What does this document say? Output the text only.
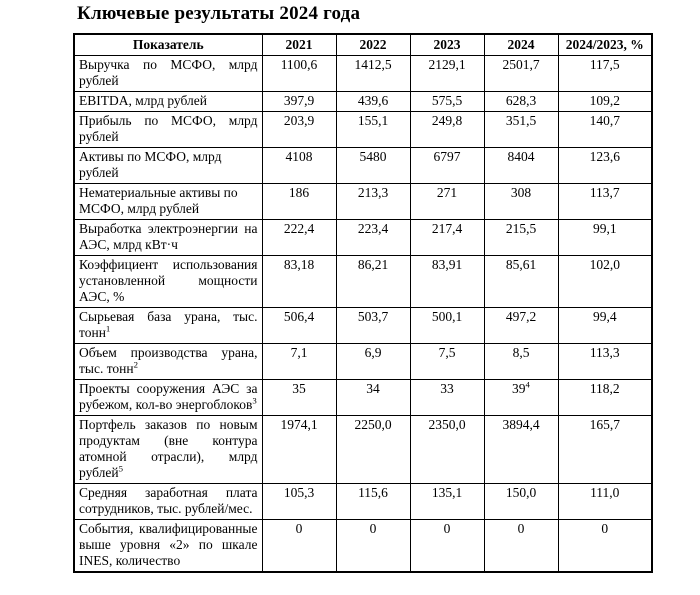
Ключевые результаты 2024 года
Показатель	2021	2022	2023	2024	2024/2023, %
Выручка по МСФО, млрд рублей	1100,6	1412,5	2129,1	2501,7	117,5
EBITDA, млрд рублей	397,9	439,6	575,5	628,3	109,2
Прибыль по МСФО, млрд рублей	203,9	155,1	249,8	351,5	140,7
Активы по МСФО, млрд рублей	4108	5480	6797	8404	123,6
Нематериальные активы по МСФО, млрд рублей	186	213,3	271	308	113,7
Выработка электроэнергии на АЭС, млрд кВт·ч	222,4	223,4	217,4	215,5	99,1
Коэффициент использования установленной мощности АЭС, %	83,18	86,21	83,91	85,61	102,0
Сырьевая база урана, тыс. тонн$^1$	506,4	503,7	500,1	497,2	99,4
Объем производства урана, тыс. тонн$^2$	7,1	6,9	7,5	8,5	113,3
Проекты сооружения АЭС за рубежом, кол-во энергоблоков$^3$	35	34	33	$39^4$	118,2
Портфель заказов по новым продуктам (вне контура атомной отрасли), млрд рублей$^5$	1974,1	2250,0	2350,0	3894,4	165,7
Средняя заработная плата сотрудников, тыс. рублей/мес.	105,3	115,6	135,1	150,0	111,0
События, квалифицированные выше уровня «2» по шкале INES, количество	0	0	0	0	0
